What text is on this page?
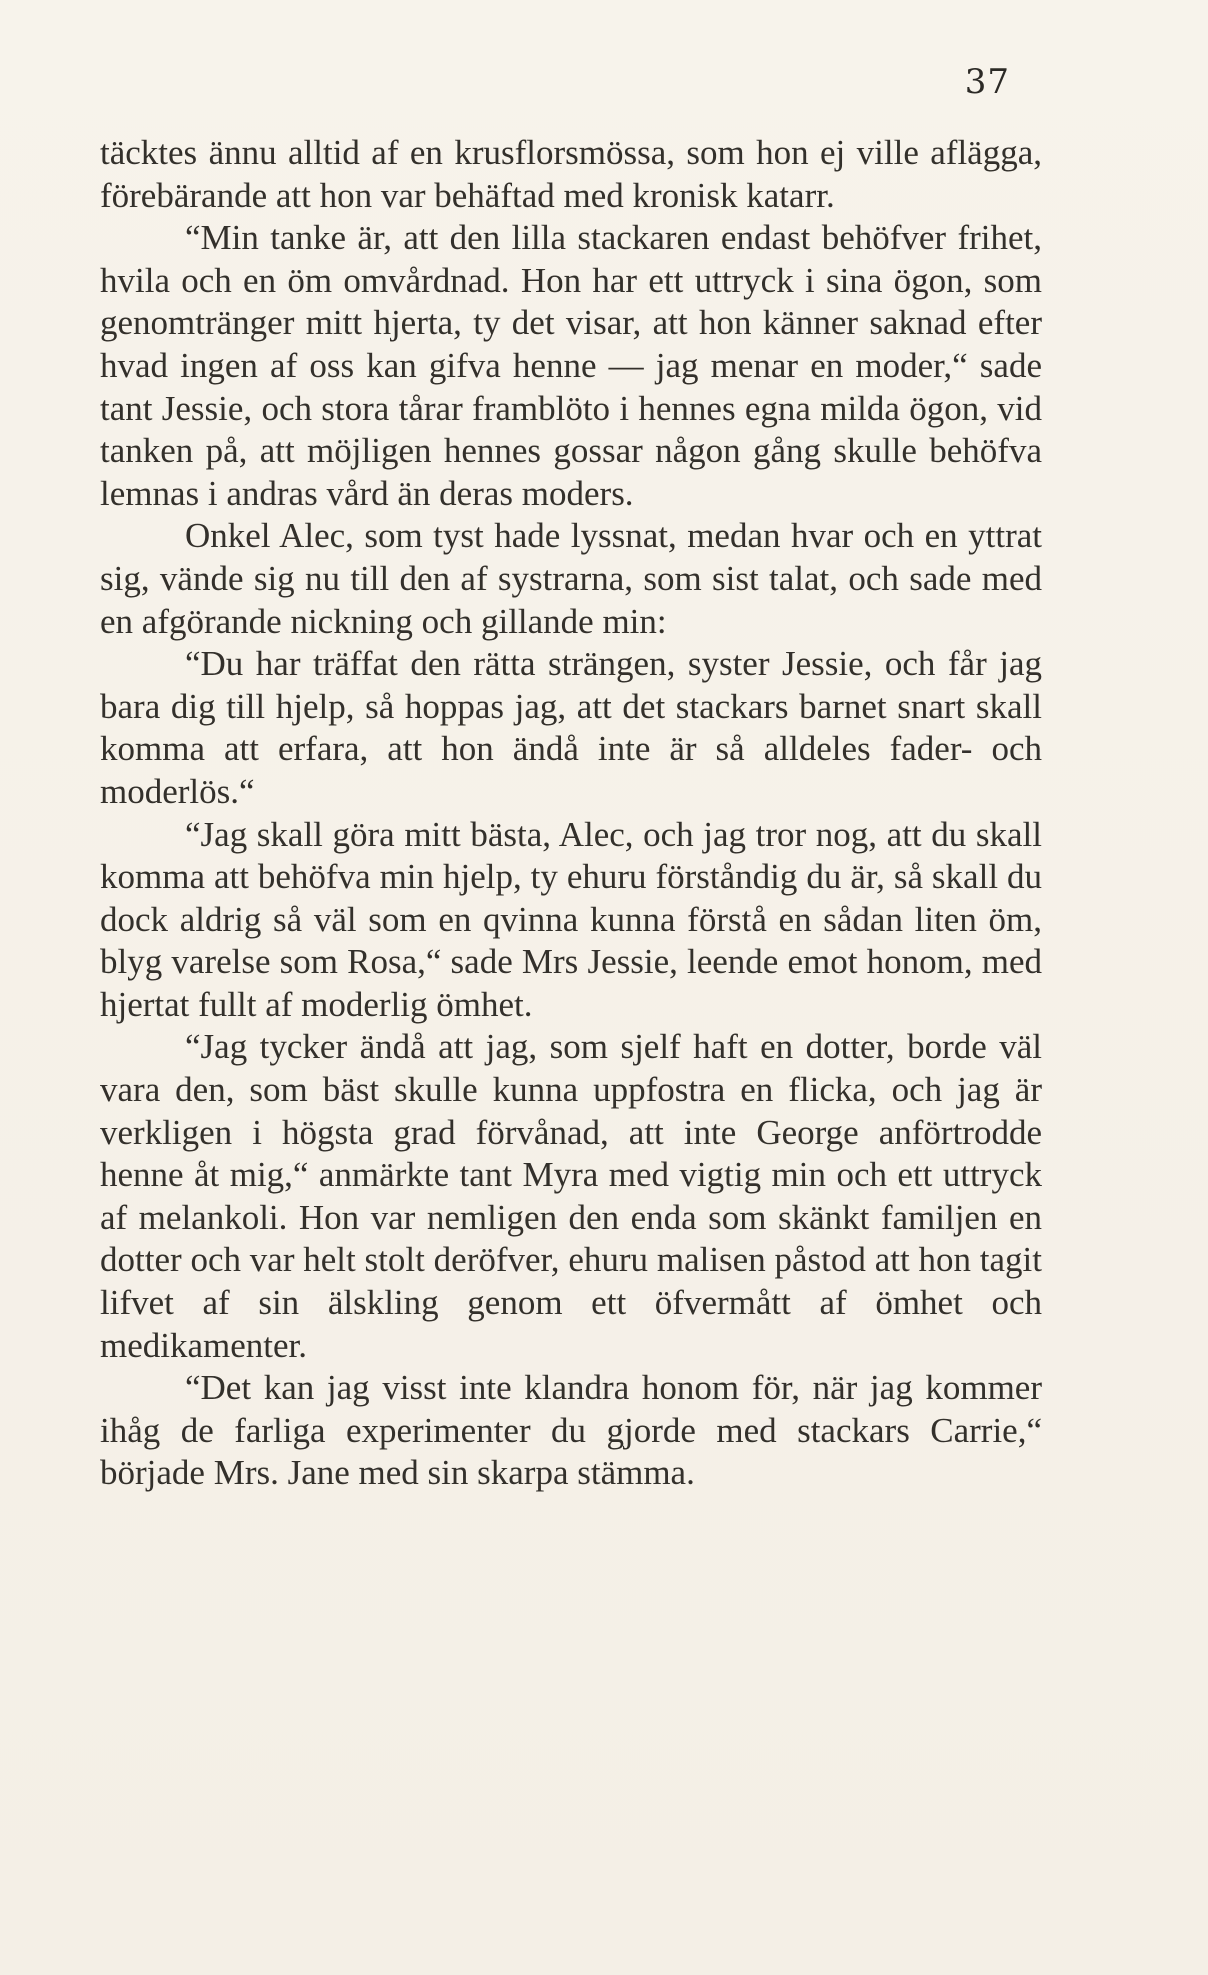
37

täcktes ännu alltid af en krusflorsmössa, som hon ej ville aflägga, förebärande att hon var behäftad med kronisk katarr.

“Min tanke är, att den lilla stackaren endast behöfver frihet, hvila och en öm omvårdnad. Hon har ett uttryck i sina ögon, som genomtränger mitt hjerta, ty det visar, att hon känner saknad efter hvad ingen af oss kan gifva henne — jag menar en moder,“ sade tant Jessie, och stora tårar framblöto i hennes egna milda ögon, vid tanken på, att möjligen hennes gossar någon gång skulle behöfva lemnas i andras vård än deras moders.

Onkel Alec, som tyst hade lyssnat, medan hvar och en yttrat sig, vände sig nu till den af systrarna, som sist talat, och sade med en afgörande nickning och gillande min:

“Du har träffat den rätta strängen, syster Jessie, och får jag bara dig till hjelp, så hoppas jag, att det stackars barnet snart skall komma att erfara, att hon ändå inte är så alldeles fader- och moderlös.“

“Jag skall göra mitt bästa, Alec, och jag tror nog, att du skall komma att behöfva min hjelp, ty ehuru förståndig du är, så skall du dock aldrig så väl som en qvinna kunna förstå en sådan liten öm, blyg varelse som Rosa,“ sade Mrs Jessie, leende emot honom, med hjertat fullt af moderlig ömhet.

“Jag tycker ändå att jag, som sjelf haft en dotter, borde väl vara den, som bäst skulle kunna uppfostra en flicka, och jag är verkligen i högsta grad förvånad, att inte George anförtrodde henne åt mig,“ anmärkte tant Myra med vigtig min och ett uttryck af melankoli. Hon var nemligen den enda som skänkt familjen en dotter och var helt stolt deröfver, ehuru malisen påstod att hon tagit lifvet af sin älskling genom ett öfvermått af ömhet och medikamenter.

“Det kan jag visst inte klandra honom för, när jag kommer ihåg de farliga experimenter du gjorde med stackars Carrie,“ började Mrs. Jane med sin skarpa stämma.
